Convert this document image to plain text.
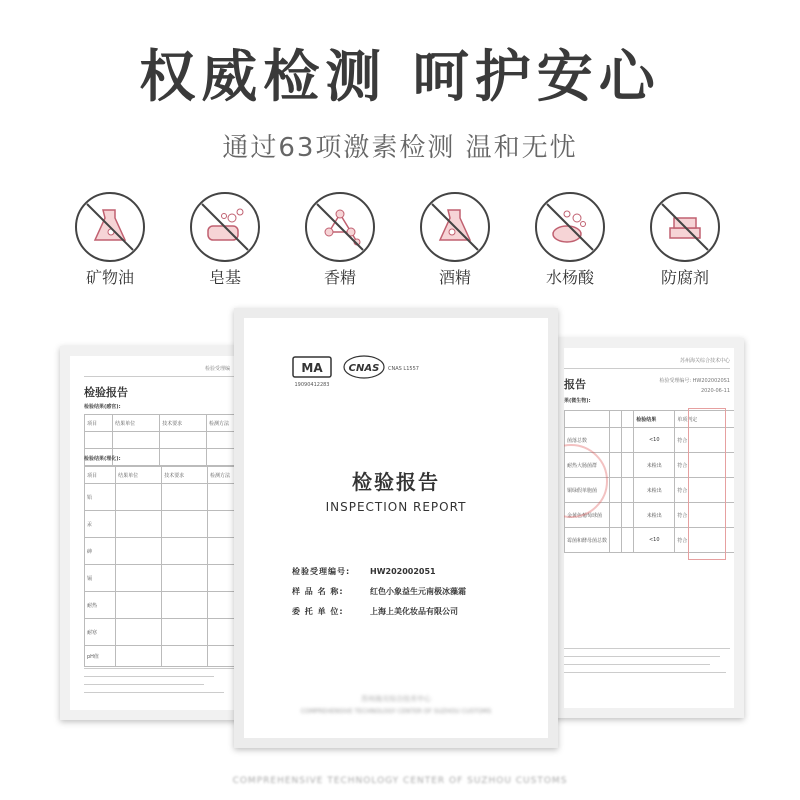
权威检测 呵护安心
通过63项激素检测 温和无忧
矿物油	皂基	香精	酒精	水杨酸	防腐剂
检验受理编
检验报告
检验结果(感官):
项目	结果单位	技术要求	检测方法

检验结果(理化):
项目	结果单位	技术要求	检测方法
铅			
汞			
砷			
镉			
耐热			
耐寒			
pH值			
苏州海关综合技术中心
报告	检验受理编号: HW2020020S1
2020-06-11
果(微生物):
			检验结果	单项判定
菌落总数			<10	符合
耐热大肠菌群			未检出	符合
铜绿假单胞菌			未检出	符合
金黄色葡萄球菌			未检出	符合
霉菌和酵母菌总数			<10	符合
MA
19090412283
CNAS CNAS L1557
检验报告
INSPECTION REPORT
检验受理编号: HW202002051
样 品 名 称:	红色小象益生元南极冰藻霜
委 托 单 位:	上海上美化妆品有限公司
苏州海关综合技术中心
COMPREHENSIVE TECHNOLOGY CENTER OF SUZHOU CUSTOMS
COMPREHENSIVE TECHNOLOGY CENTER OF SUZHOU CUSTOMS
